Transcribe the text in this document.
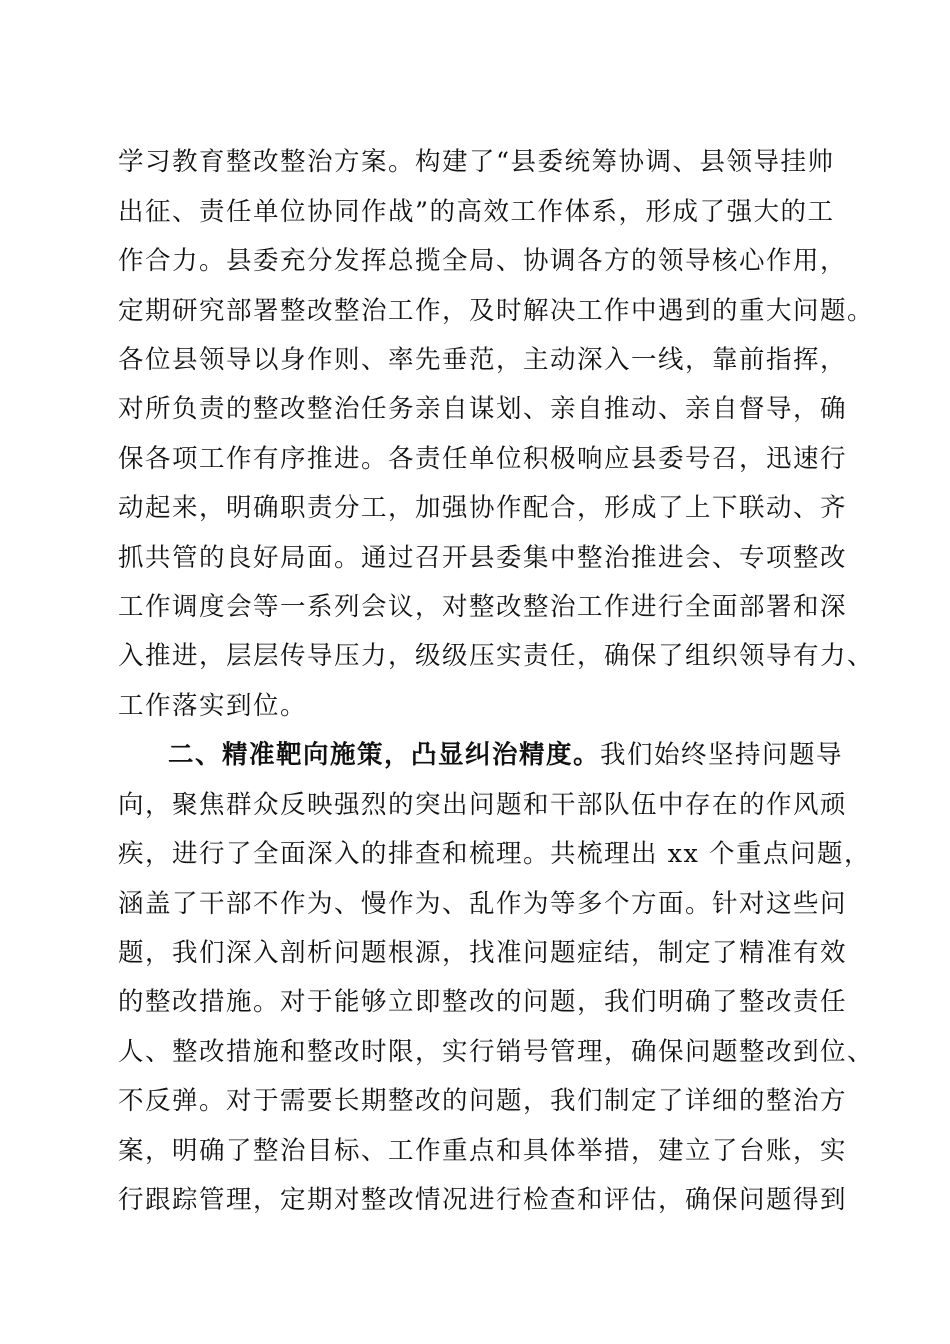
学习教育整改整治方案。构建了“县委统筹协调、县领导挂帅
出征、责任单位协同作战”的高效工作体系，形成了强大的工
作合力。县委充分发挥总揽全局、协调各方的领导核心作用，
定期研究部署整改整治工作，及时解决工作中遇到的重大问题。
各位县领导以身作则、率先垂范，主动深入一线，靠前指挥，
对所负责的整改整治任务亲自谋划、亲自推动、亲自督导，确
保各项工作有序推进。各责任单位积极响应县委号召，迅速行
动起来，明确职责分工，加强协作配合，形成了上下联动、齐
抓共管的良好局面。通过召开县委集中整治推进会、专项整改
工作调度会等一系列会议，对整改整治工作进行全面部署和深
入推进，层层传导压力，级级压实责任，确保了组织领导有力、
工作落实到位。
二、精准靶向施策，凸显纠治精度。我们始终坚持问题导
向，聚焦群众反映强烈的突出问题和干部队伍中存在的作风顽
疾，进行了全面深入的排查和梳理。共梳理出 xx 个重点问题，
涵盖了干部不作为、慢作为、乱作为等多个方面。针对这些问
题，我们深入剖析问题根源，找准问题症结，制定了精准有效
的整改措施。对于能够立即整改的问题，我们明确了整改责任
人、整改措施和整改时限，实行销号管理，确保问题整改到位、
不反弹。对于需要长期整改的问题，我们制定了详细的整治方
案，明确了整治目标、工作重点和具体举措，建立了台账，实
行跟踪管理，定期对整改情况进行检查和评估，确保问题得到
